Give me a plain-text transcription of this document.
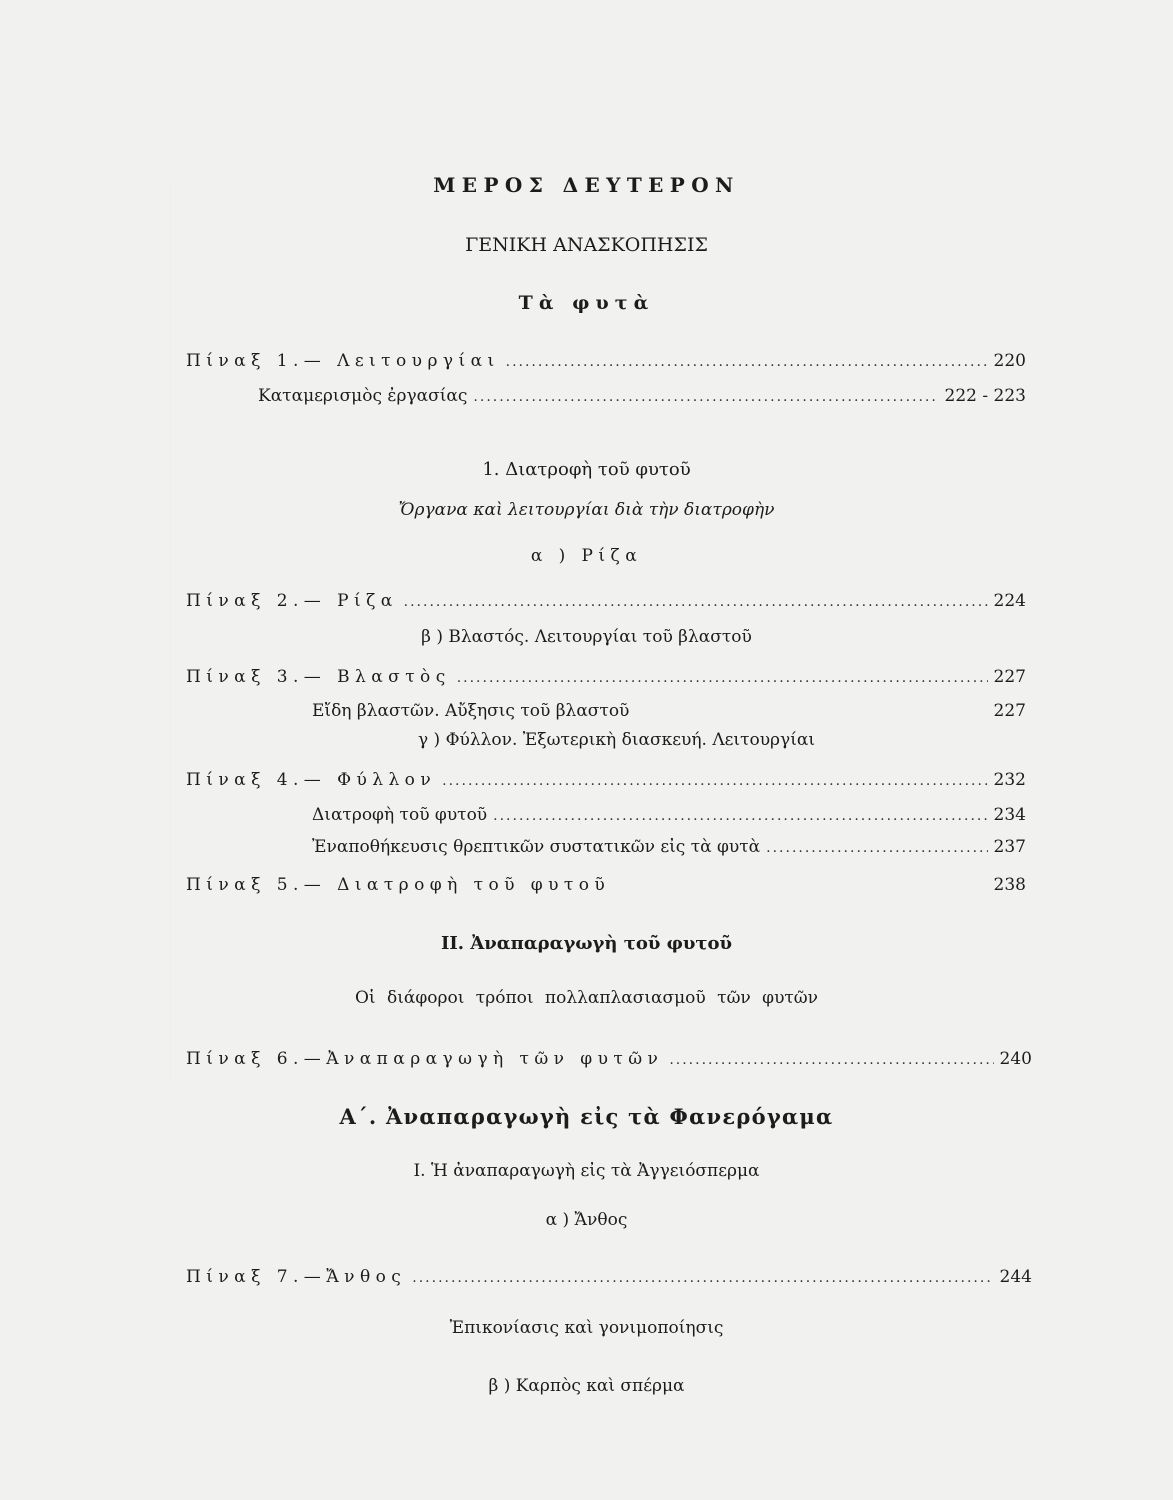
ΜΕΡΟΣ ΔΕΥΤΕΡΟΝ
ΓΕΝΙΚΗ ΑΝΑΣΚΟΠΗΣΙΣ
Τὰ φυτὰ
Πίναξ 1.— Λειτουργίαι .....	220
Καταμερισμὸς ἐργασίας .....	222 - 223
1. Διατροφὴ τοῦ φυτοῦ
Ὄργανα καὶ λειτουργίαι διὰ τὴν διατροφὴν
α ) Ρίζα
Πίναξ 2.— Ρίζα .....	224
β ) Βλαστός. Λειτουργίαι τοῦ βλαστοῦ
Πίναξ 3.— Βλαστὸς .....	227
Εἴδη βλαστῶν. Αὔξησις τοῦ βλαστοῦ	227
γ ) Φύλλον. Ἐξωτερικὴ διασκευή. Λειτουργίαι
Πίναξ 4.— Φύλλον .....	232
Διατροφὴ τοῦ φυτοῦ .....	234
Ἐναποθήκευσις θρεπτικῶν συστατικῶν εἰς τὰ φυτὰ .....	237
Πίναξ 5.— Διατροφὴ τοῦ φυτοῦ	238
ΙΙ. Ἀναπαραγωγὴ τοῦ φυτοῦ
Οἱ διάφοροι τρόποι πολλαπλασιασμοῦ τῶν φυτῶν
Πίναξ 6.—Ἀναπαραγωγὴ τῶν φυτῶν .....	240
Α΄. Ἀναπαραγωγὴ εἰς τὰ Φανερόγαμα
Ι. Ἡ ἀναπαραγωγὴ εἰς τὰ Ἀγγειόσπερμα
α ) Ἄνθος
Πίναξ 7.—Ἄνθος .....	244
Ἐπικονίασις καὶ γονιμοποίησις
β ) Καρπὸς καὶ σπέρμα
